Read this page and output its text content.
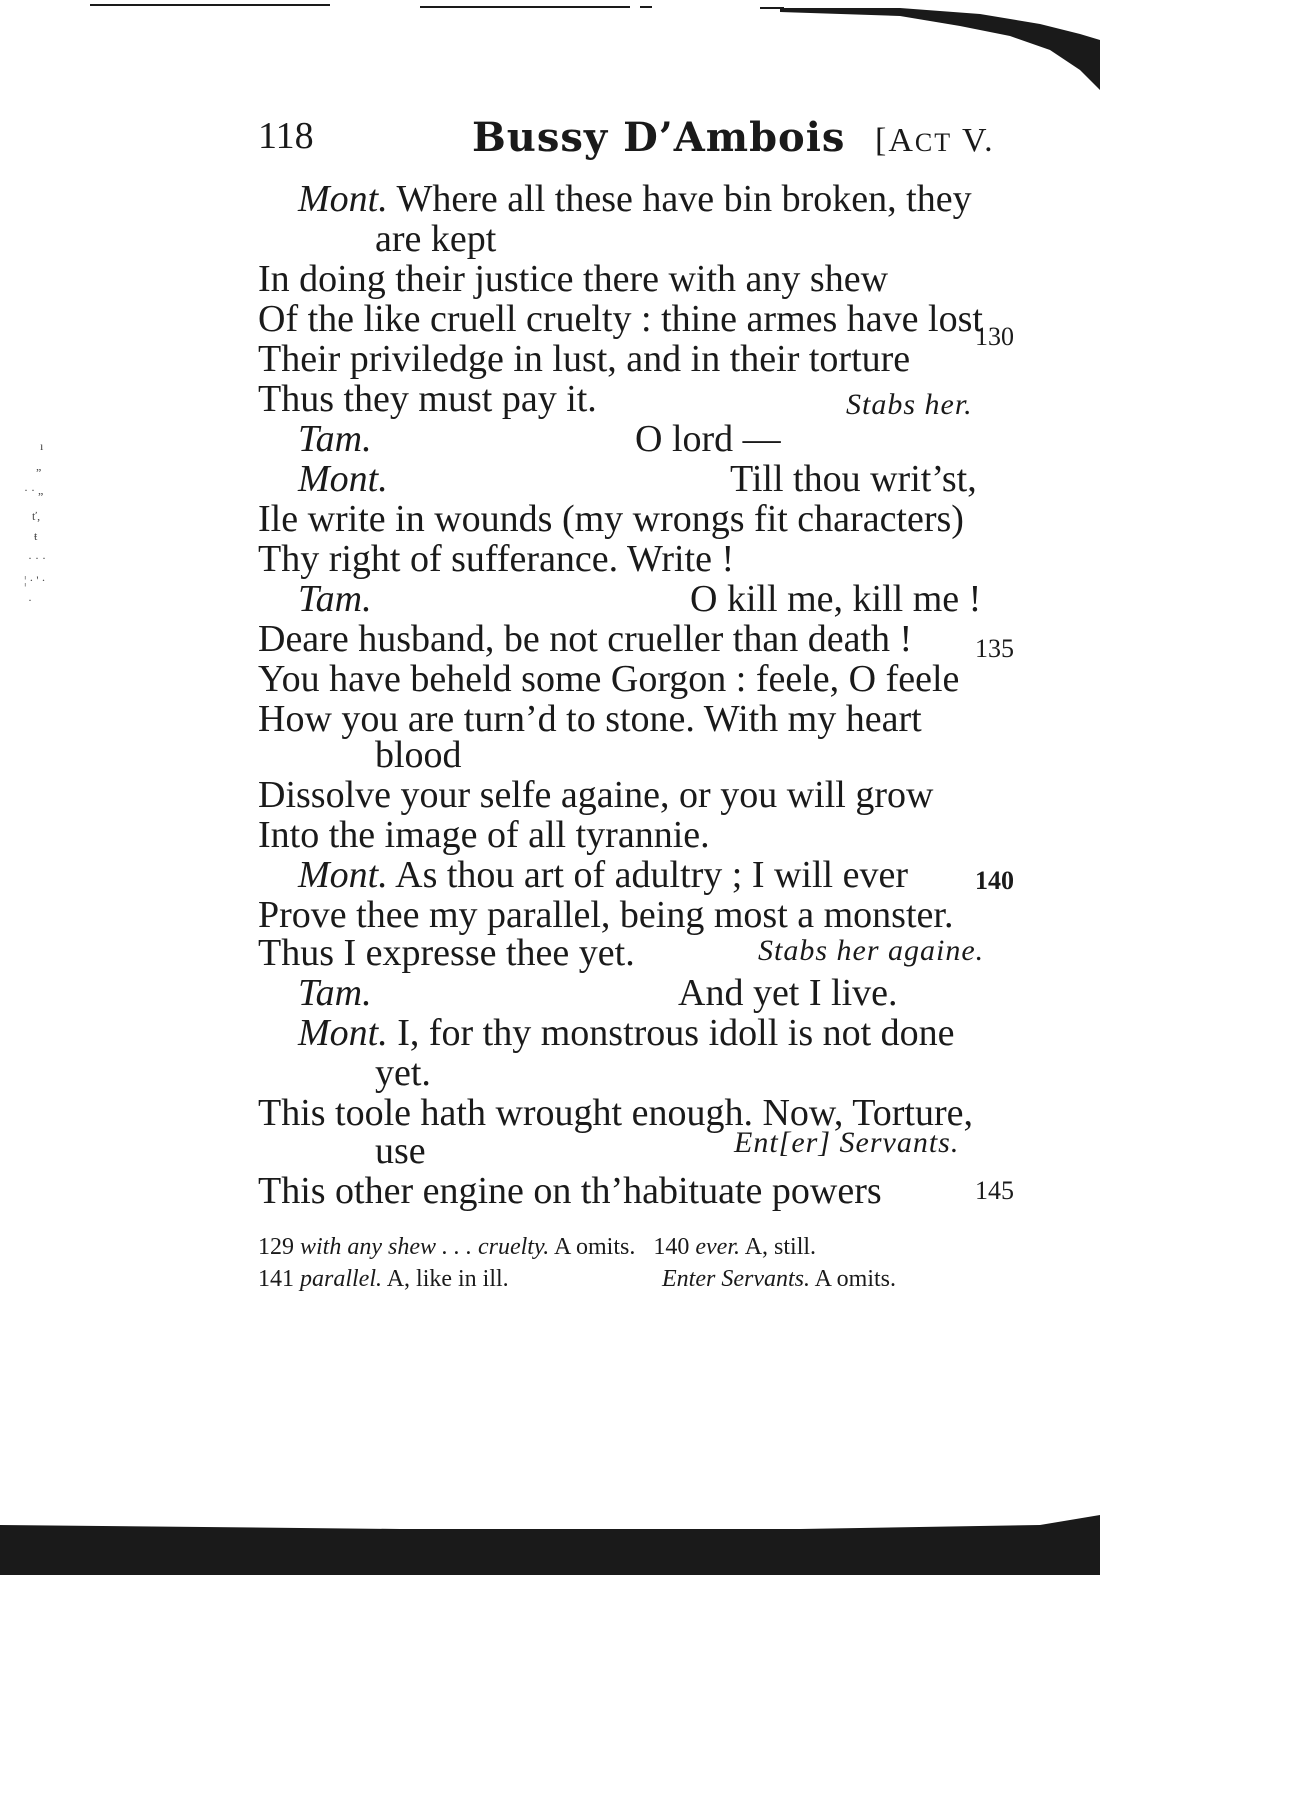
ı
„
· · „
ť,
ŧ
· · ·
¦ · ' ·
·
118	Bussy D’Ambois [ACT V.
Mont. Where all these have bin broken, they
are kept
In doing their justice there with any shew
Of the like cruell cruelty : thine armes have lost
130
Their priviledge in lust, and in their torture
Thus they must pay it.	Stabs her.
Tam.	O lord —
Mont.	Till thou writ’st,
Ile write in wounds (my wrongs fit characters)
Thy right of sufferance. Write !
Tam.	O kill me, kill me !
Deare husband, be not crueller than death ! 135
You have beheld some Gorgon : feele, O feele
How you are turn’d to stone. With my heart
blood
Dissolve your selfe againe, or you will grow
Into the image of all tyrannie.
Mont. As thou art of adultry ; I will ever	140
Prove thee my parallel, being most a monster.
Thus I expresse thee yet.	Stabs her againe.
Tam.	And yet I live.
Mont. I, for thy monstrous idoll is not done
yet.
This toole hath wrought enough. Now, Torture,
use	Ent[er] Servants.
This other engine on th’habituate powers	145
129 with any shew . . . cruelty. A omits. 140 ever. A, still.
141 parallel. A, like in ill.	Enter Servants. A omits.
